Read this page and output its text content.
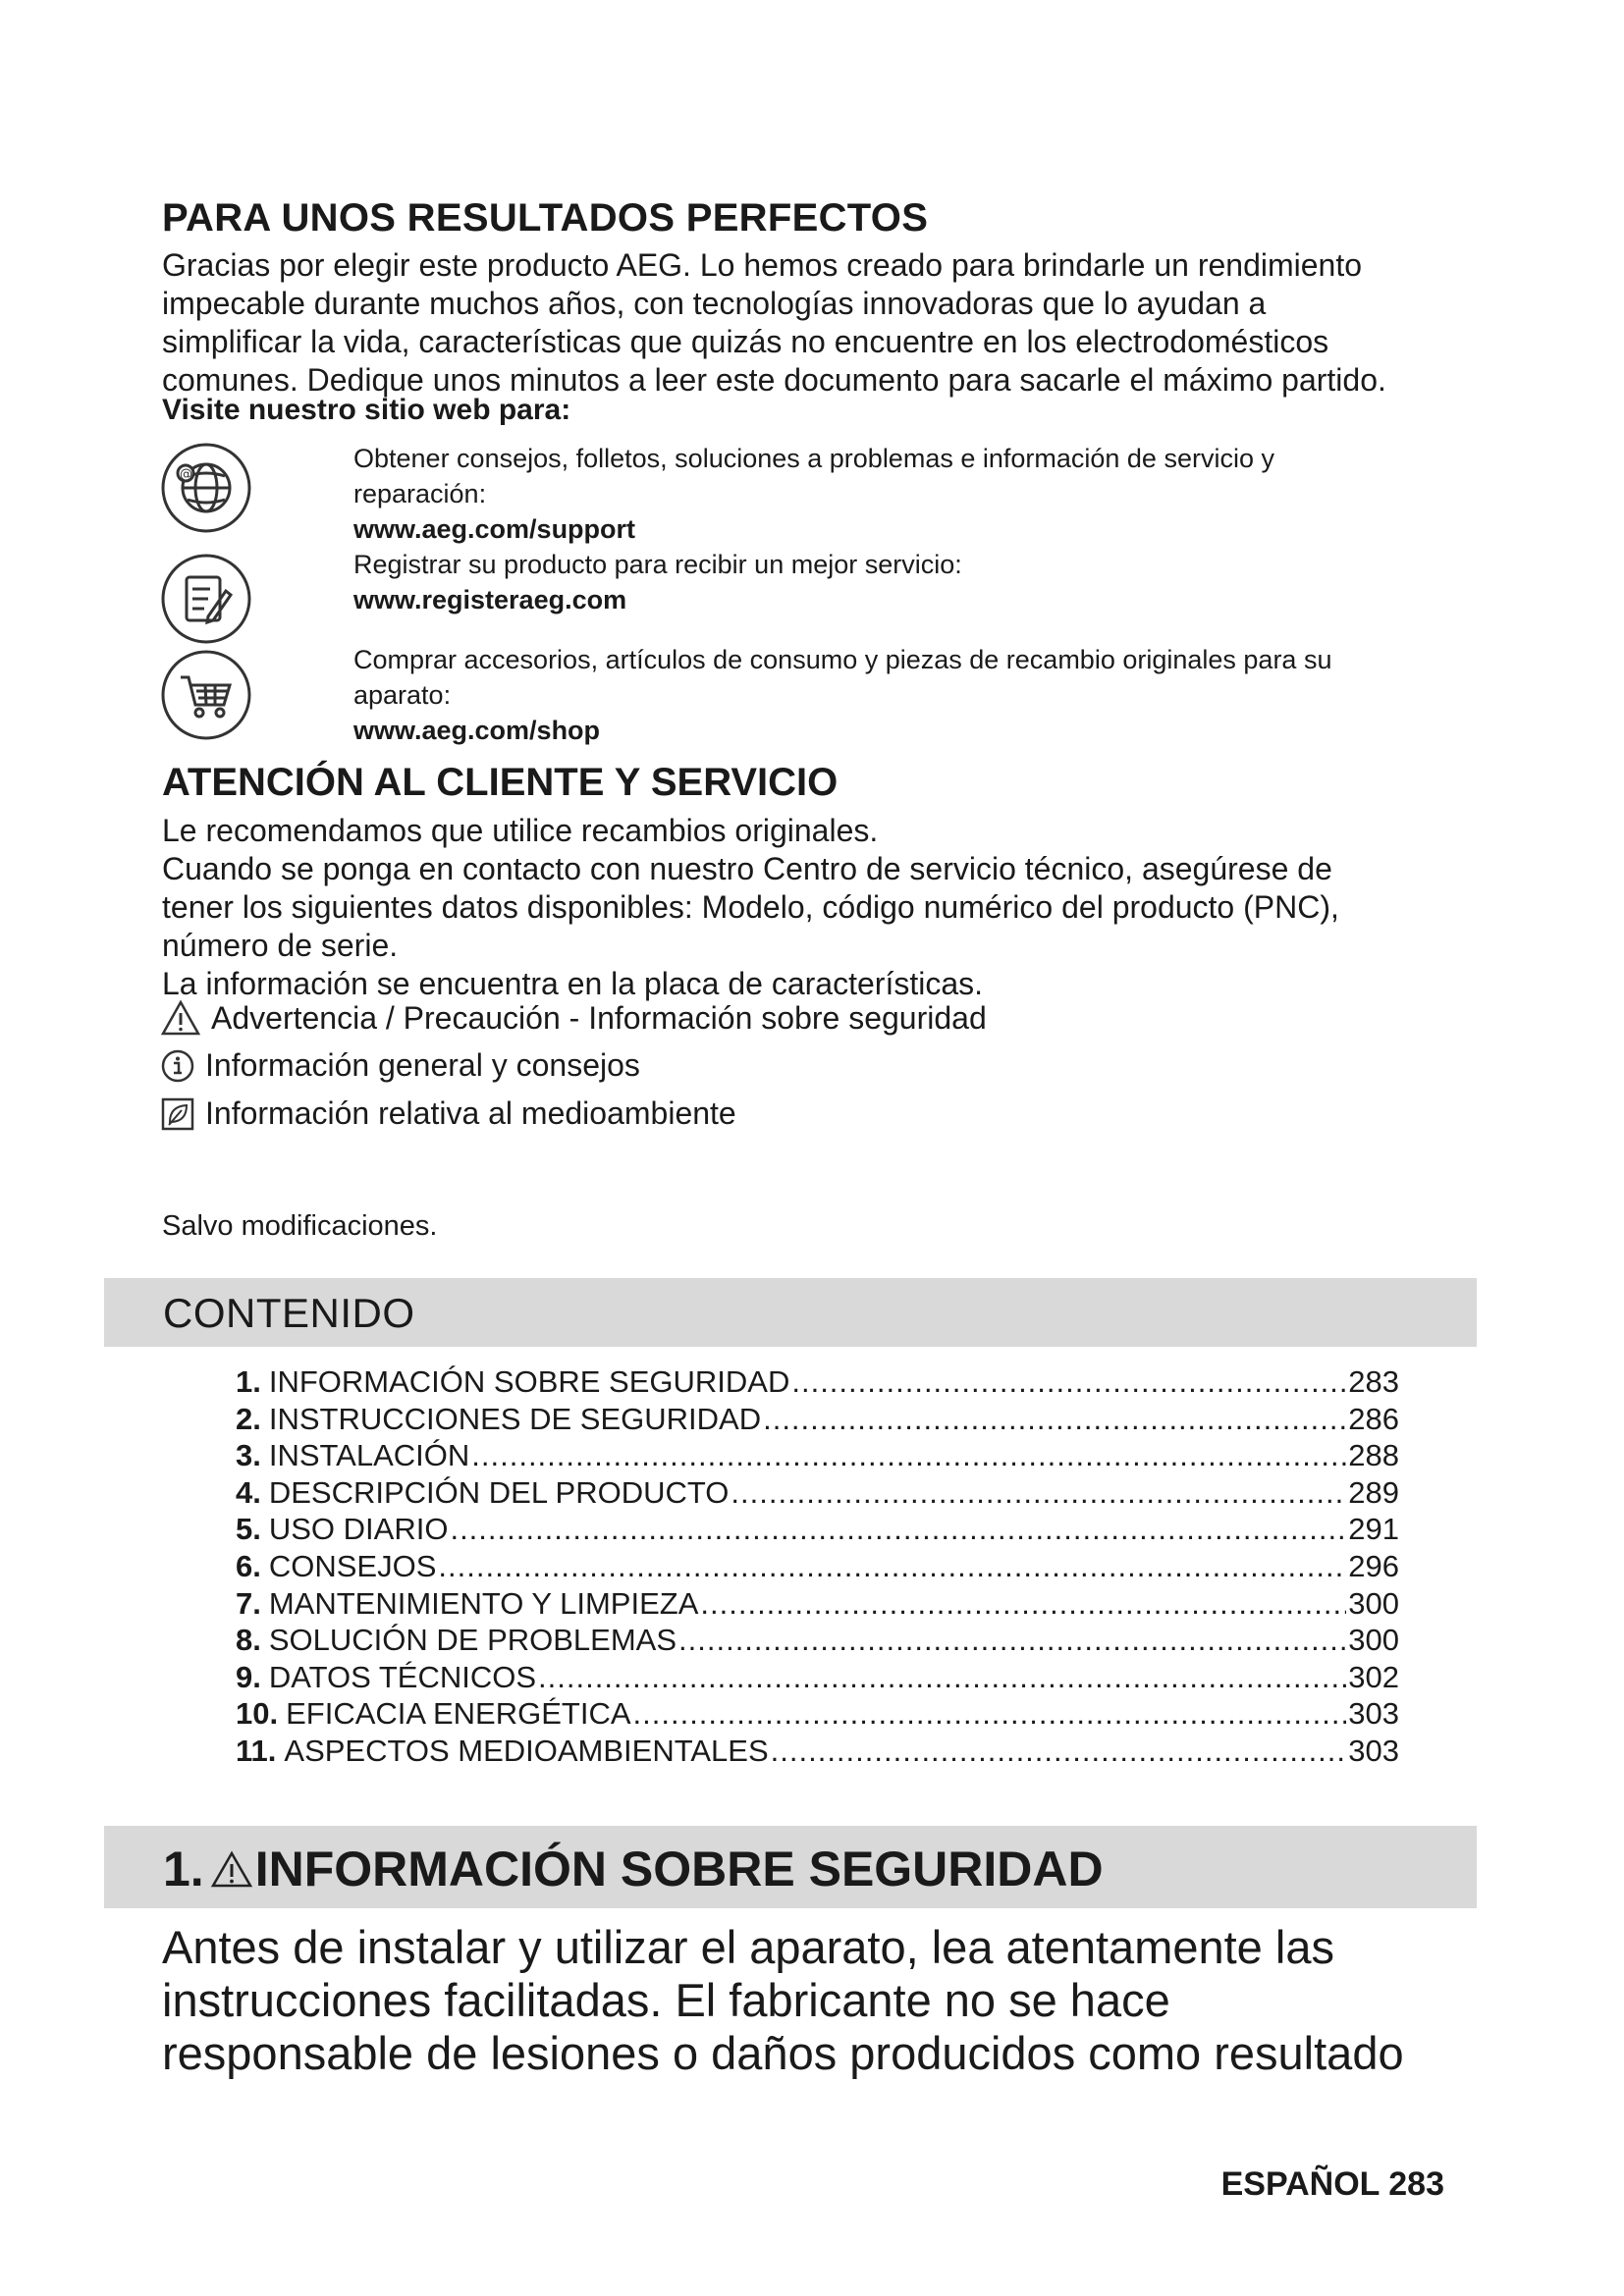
PARA UNOS RESULTADOS PERFECTOS
Gracias por elegir este producto AEG. Lo hemos creado para brindarle un rendimiento
impecable durante muchos años, con tecnologías innovadoras que lo ayudan a
simplificar la vida, características que quizás no encuentre en los electrodomésticos
comunes. Dedique unos minutos a leer este documento para sacarle el máximo partido.
Visite nuestro sitio web para:
@
Obtener consejos, folletos, soluciones a problemas e información de servicio y
reparación:
www.aeg.com/support
Registrar su producto para recibir un mejor servicio:
www.registeraeg.com
Comprar accesorios, artículos de consumo y piezas de recambio originales para su
aparato:
www.aeg.com/shop
ATENCIÓN AL CLIENTE Y SERVICIO
Le recomendamos que utilice recambios originales.
Cuando se ponga en contacto con nuestro Centro de servicio técnico, asegúrese de
tener los siguientes datos disponibles: Modelo, código numérico del producto (PNC),
número de serie.
La información se encuentra en la placa de características.
Advertencia / Precaución - Información sobre seguridad
Información general y consejos
Información relativa al medioambiente
Salvo modificaciones.
CONTENIDO
1. INFORMACIÓN SOBRE SEGURIDAD .....	283
2. INSTRUCCIONES DE SEGURIDAD .....	286
3. INSTALACIÓN .....	288
4. DESCRIPCIÓN DEL PRODUCTO .....	289
5. USO DIARIO .....	291
6. CONSEJOS .....	296
7. MANTENIMIENTO Y LIMPIEZA .....	300
8. SOLUCIÓN DE PROBLEMAS .....	300
9. DATOS TÉCNICOS .....	302
10. EFICACIA ENERGÉTICA .....	303
11. ASPECTOS MEDIOAMBIENTALES .....	303
1. INFORMACIÓN SOBRE SEGURIDAD
Antes de instalar y utilizar el aparato, lea atentamente las
instrucciones facilitadas. El fabricante no se hace
responsable de lesiones o daños producidos como resultado
ESPAÑOL 283
